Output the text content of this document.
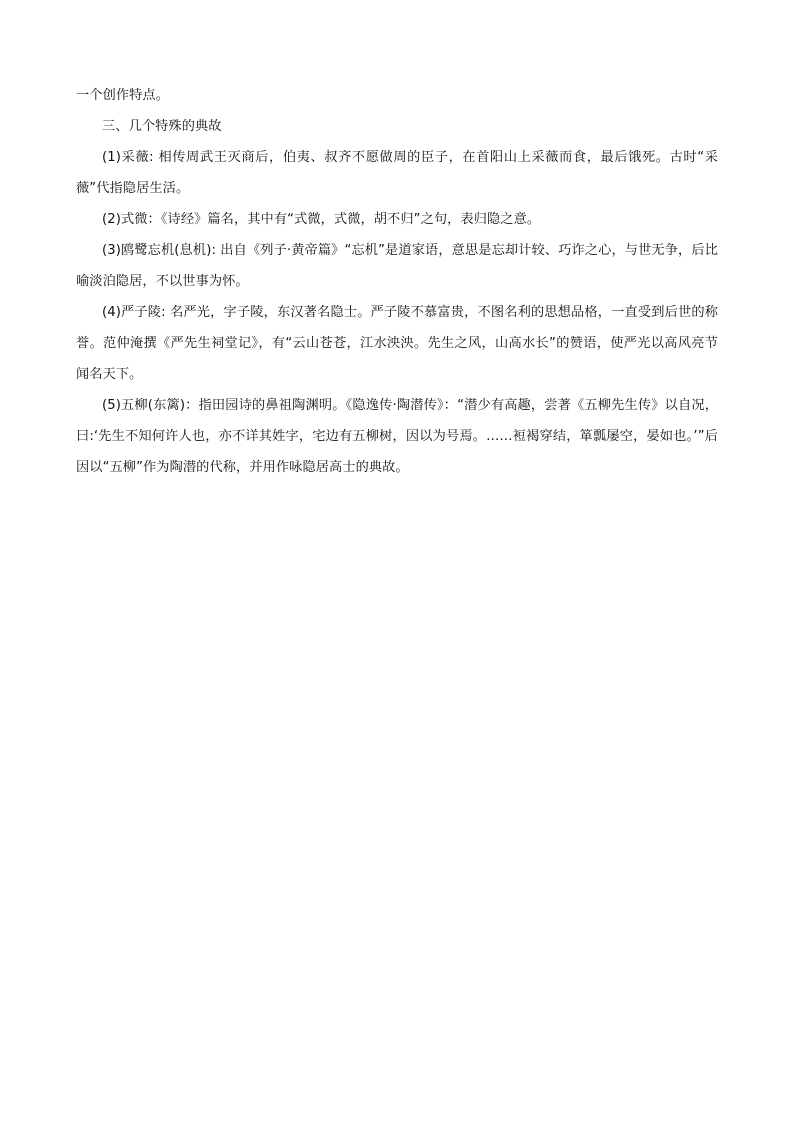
一个创作特点。

三、几个特殊的典故

(1)采薇: 相传周武王灭商后，伯夷、叔齐不愿做周的臣子，在首阳山上采薇而食，最后饿死。古时“采薇”代指隐居生活。

(2)式微：《诗经》篇名，其中有“式微，式微，胡不归”之句，表归隐之意。

(3)鸥鹭忘机(息机): 出自《列子·黄帝篇》“忘机”是道家语，意思是忘却计较、巧诈之心，与世无争，后比喻淡泊隐居，不以世事为怀。

(4)严子陵: 名严光，字子陵，东汉著名隐士。严子陵不慕富贵，不图名利的思想品格，一直受到后世的称誉。范仲淹撰《严先生祠堂记》，有“云山苍苍，江水泱泱。先生之风，山高水长”的赞语，使严光以高风亮节闻名天下。

(5)五柳(东篱)：指田园诗的鼻祖陶渊明。《隐逸传·陶潜传》：“潜少有高趣，尝著《五柳先生传》以自况，曰:‘先生不知何许人也，亦不详其姓字，宅边有五柳树，因以为号焉。……裋褐穿结，箪瓢屡空，晏如也。’”后因以“五柳”作为陶潜的代称，并用作咏隐居高士的典故。
